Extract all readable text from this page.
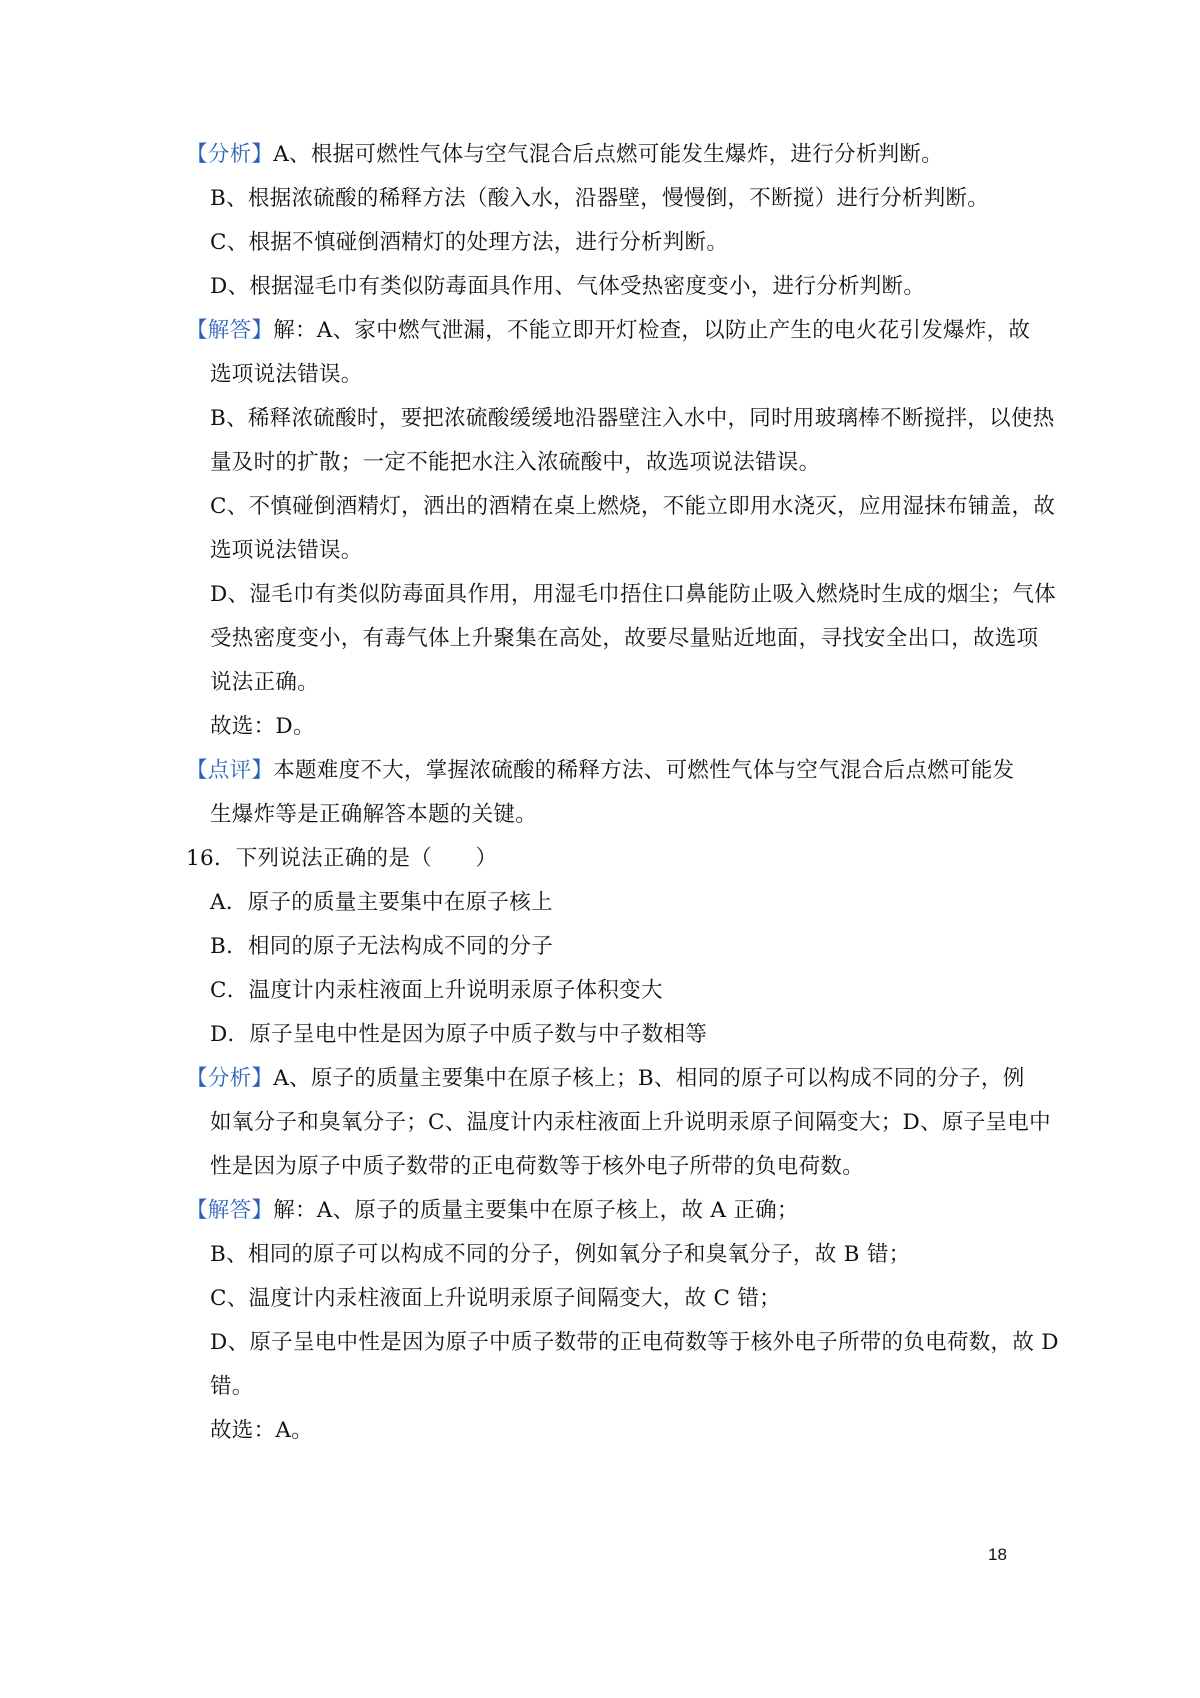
【分析】A、根据可燃性气体与空气混合后点燃可能发生爆炸，进行分析判断。
B、根据浓硫酸的稀释方法（酸入水，沿器壁，慢慢倒，不断搅）进行分析判断。
C、根据不慎碰倒酒精灯的处理方法，进行分析判断。
D、根据湿毛巾有类似防毒面具作用、气体受热密度变小，进行分析判断。
【解答】解：A、家中燃气泄漏，不能立即开灯检查，以防止产生的电火花引发爆炸，故
选项说法错误。
B、稀释浓硫酸时，要把浓硫酸缓缓地沿器壁注入水中，同时用玻璃棒不断搅拌，以使热
量及时的扩散；一定不能把水注入浓硫酸中，故选项说法错误。
C、不慎碰倒酒精灯，洒出的酒精在桌上燃烧，不能立即用水浇灭，应用湿抹布铺盖，故
选项说法错误。
D、湿毛巾有类似防毒面具作用，用湿毛巾捂住口鼻能防止吸入燃烧时生成的烟尘；气体
受热密度变小，有毒气体上升聚集在高处，故要尽量贴近地面，寻找安全出口，故选项
说法正确。
故选：D。
【点评】本题难度不大，掌握浓硫酸的稀释方法、可燃性气体与空气混合后点燃可能发
生爆炸等是正确解答本题的关键。
16．下列说法正确的是（　　）
A．原子的质量主要集中在原子核上
B．相同的原子无法构成不同的分子
C．温度计内汞柱液面上升说明汞原子体积变大
D．原子呈电中性是因为原子中质子数与中子数相等
【分析】A、原子的质量主要集中在原子核上；B、相同的原子可以构成不同的分子，例
如氧分子和臭氧分子；C、温度计内汞柱液面上升说明汞原子间隔变大；D、原子呈电中
性是因为原子中质子数带的正电荷数等于核外电子所带的负电荷数。
【解答】解：A、原子的质量主要集中在原子核上，故 A 正确；
B、相同的原子可以构成不同的分子，例如氧分子和臭氧分子，故 B 错；
C、温度计内汞柱液面上升说明汞原子间隔变大，故 C 错；
D、原子呈电中性是因为原子中质子数带的正电荷数等于核外电子所带的负电荷数，故 D
错。
故选：A。
18
